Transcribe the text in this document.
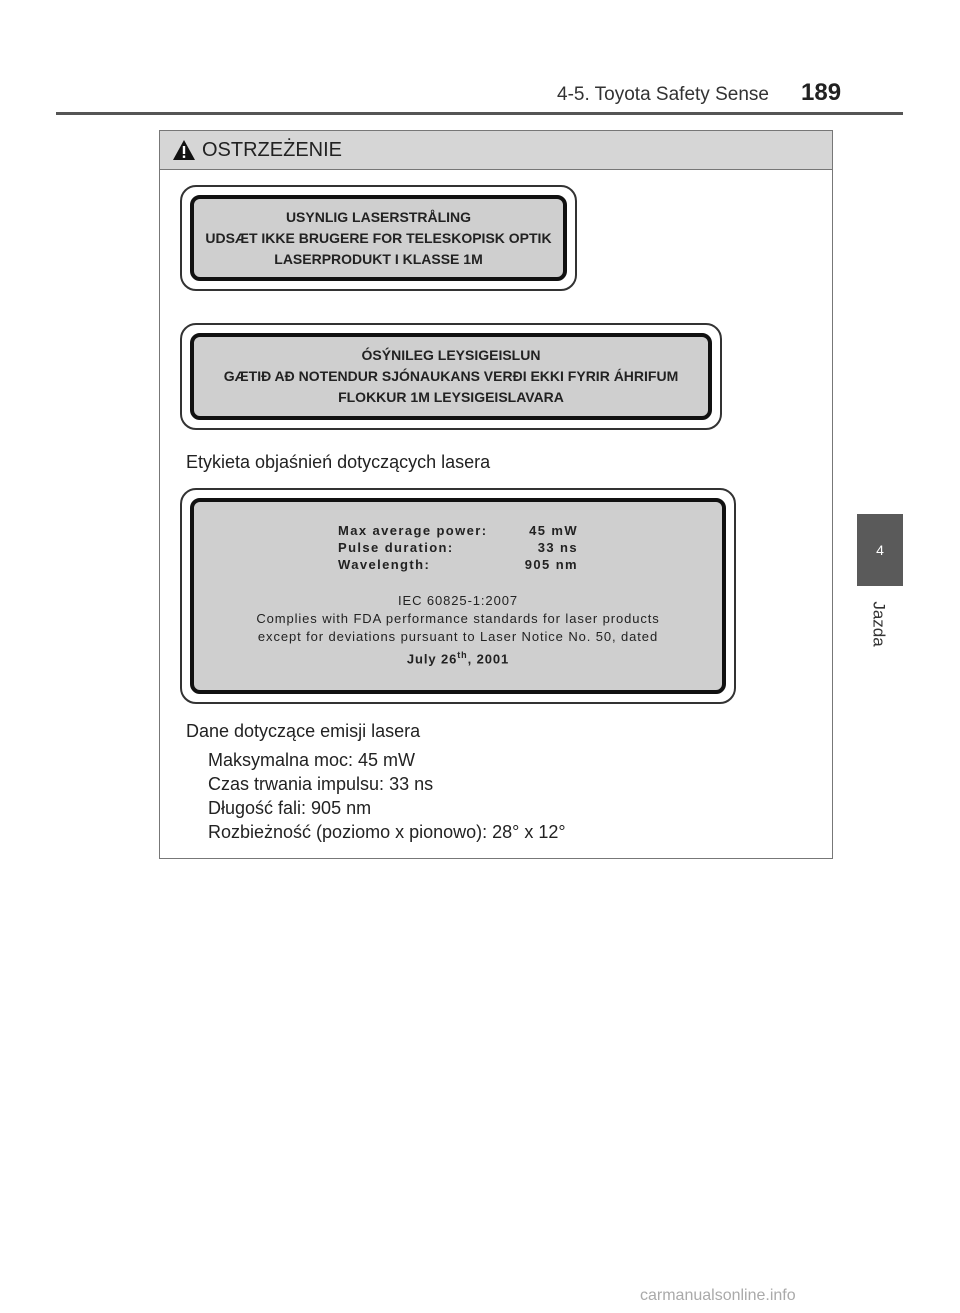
4-5. Toyota Safety Sense 189
4
Jazda
OSTRZEŻENIE
USYNLIG LASERSTRÅLING
UDSÆT IKKE BRUGERE FOR TELESKOPISK OPTIK
LASERPRODUKT I KLASSE 1M
ÓSÝNILEG LEYSIGEISLUN
GÆTIÐ AÐ NOTENDUR SJÓNAUKANS VERÐI EKKI FYRIR ÁHRIFUM
FLOKKUR 1M LEYSIGEISLAVARA
Etykieta objaśnień dotyczących lasera
Max average power:	45 mW
Pulse duration:	33 ns
Wavelength:	905 nm
IEC 60825-1:2007
Complies with FDA performance standards for laser products
except for deviations pursuant to Laser Notice No. 50, dated
July 26th, 2001
Dane dotyczące emisji lasera
Maksymalna moc: 45 mW
Czas trwania impulsu: 33 ns
Długość fali: 905 nm
Rozbieżność (poziomo x pionowo): 28° x 12°
carmanualsonline.info
